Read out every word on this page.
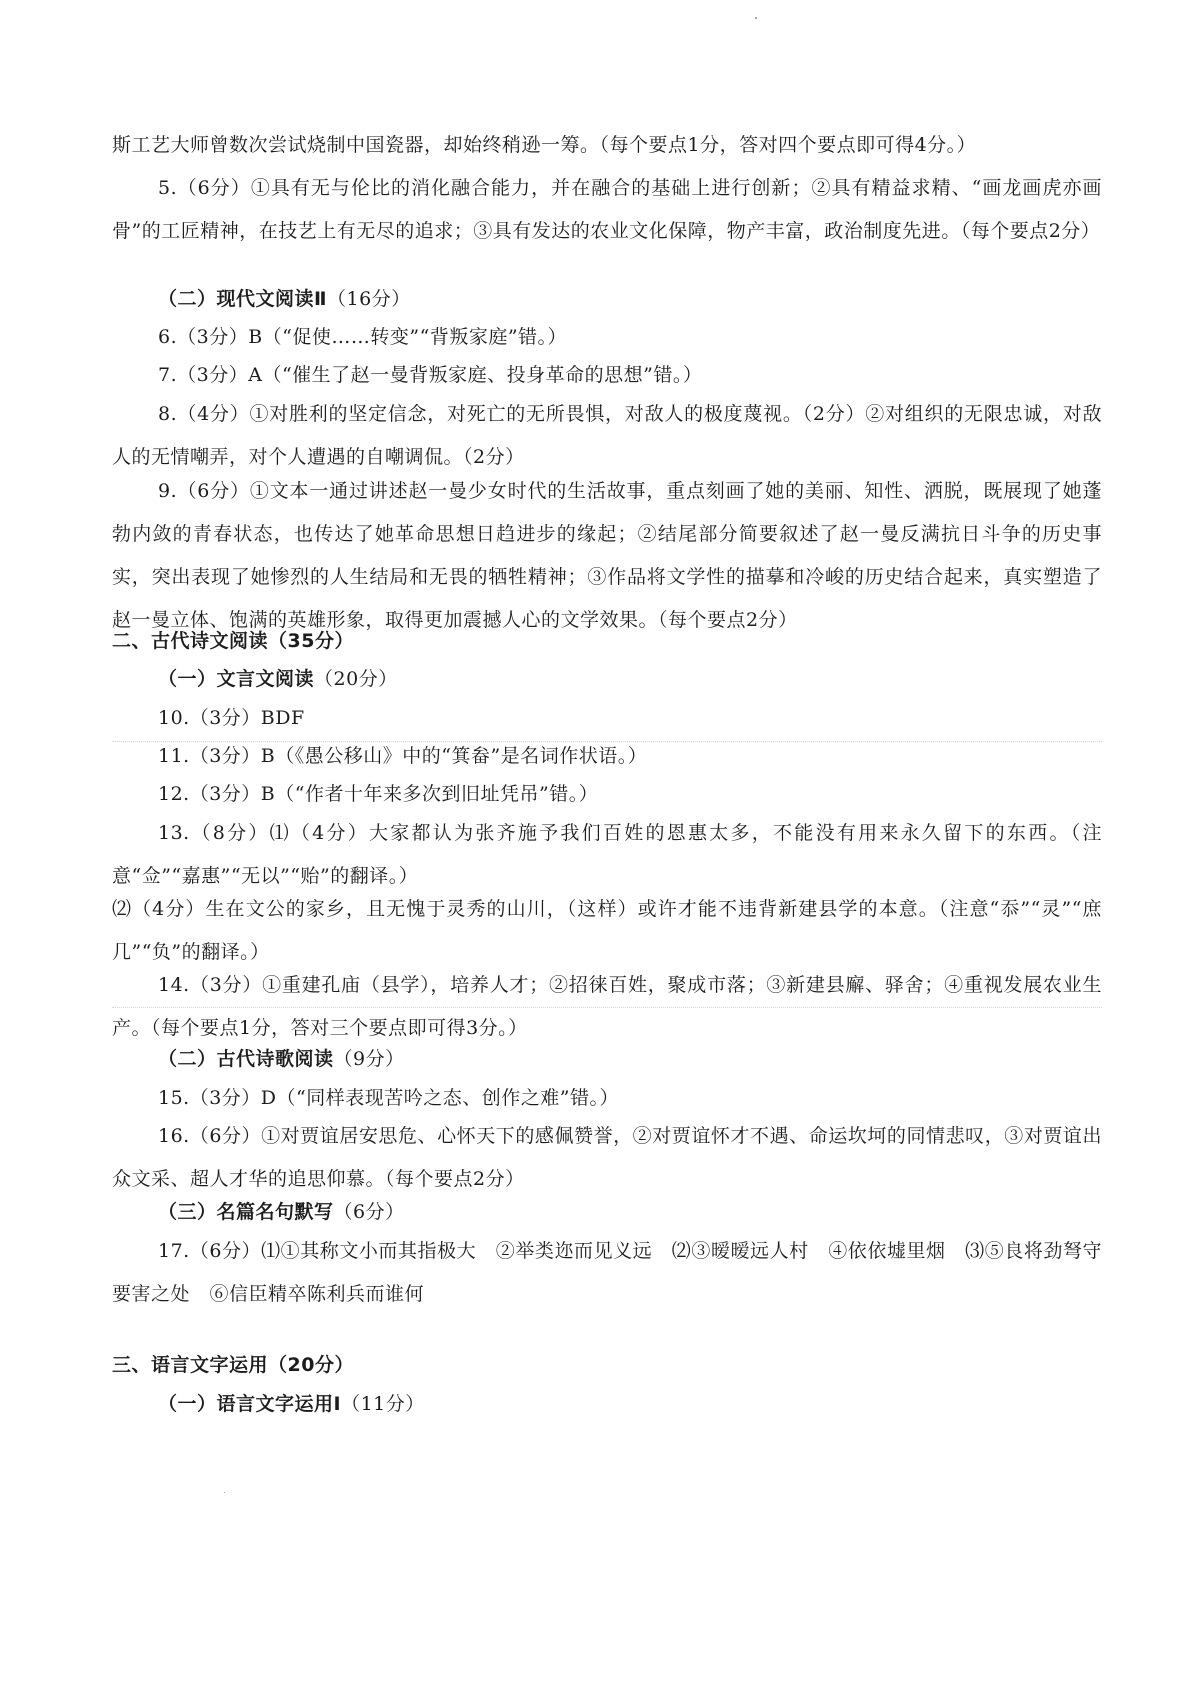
斯工艺大师曾数次尝试烧制中国瓷器，却始终稍逊一筹。（每个要点1分，答对四个要点即可得4分。）

5.（6分）①具有无与伦比的消化融合能力，并在融合的基础上进行创新；②具有精益求精、“画龙画虎亦画骨”的工匠精神，在技艺上有无尽的追求；③具有发达的农业文化保障，物产丰富，政治制度先进。（每个要点2分）

（二）现代文阅读Ⅱ（16分）

6.（3分）B（“促使……转变”“背叛家庭”错。）

7.（3分）A（“催生了赵一曼背叛家庭、投身革命的思想”错。）

8.（4分）①对胜利的坚定信念，对死亡的无所畏惧，对敌人的极度蔑视。（2分）②对组织的无限忠诚，对敌人的无情嘲弄，对个人遭遇的自嘲调侃。（2分）

9.（6分）①文本一通过讲述赵一曼少女时代的生活故事，重点刻画了她的美丽、知性、洒脱，既展现了她蓬勃内敛的青春状态，也传达了她革命思想日趋进步的缘起；②结尾部分简要叙述了赵一曼反满抗日斗争的历史事实，突出表现了她惨烈的人生结局和无畏的牺牲精神；③作品将文学性的描摹和冷峻的历史结合起来，真实塑造了赵一曼立体、饱满的英雄形象，取得更加震撼人心的文学效果。（每个要点2分）

二、古代诗文阅读（35分）

（一）文言文阅读（20分）

10.（3分）BDF

11.（3分）B（《愚公移山》中的“箕畚”是名词作状语。）

12.（3分）B（“作者十年来多次到旧址凭吊”错。）

13.（8分）⑴（4分）大家都认为张齐施予我们百姓的恩惠太多，不能没有用来永久留下的东西。（注意“佥”“嘉惠”“无以”“贻”的翻译。）

⑵（4分）生在文公的家乡，且无愧于灵秀的山川，（这样）或许才能不违背新建县学的本意。（注意“忝”“灵”“庶几”“负”的翻译。）

14.（3分）①重建孔庙（县学），培养人才；②招徕百姓，聚成市落；③新建县廨、驿舍；④重视发展农业生产。（每个要点1分，答对三个要点即可得3分。）

（二）古代诗歌阅读（9分）

15.（3分）D（“同样表现苦吟之态、创作之难”错。）

16.（6分）①对贾谊居安思危、心怀天下的感佩赞誉，②对贾谊怀才不遇、命运坎坷的同情悲叹，③对贾谊出众文采、超人才华的追思仰慕。（每个要点2分）

（三）名篇名句默写（6分）

17.（6分）⑴①其称文小而其指极大　②举类迩而见义远　⑵③暧暧远人村　④依依墟里烟　⑶⑤良将劲弩守要害之处　⑥信臣精卒陈利兵而谁何

三、语言文字运用（20分）

（一）语言文字运用Ⅰ（11分）
